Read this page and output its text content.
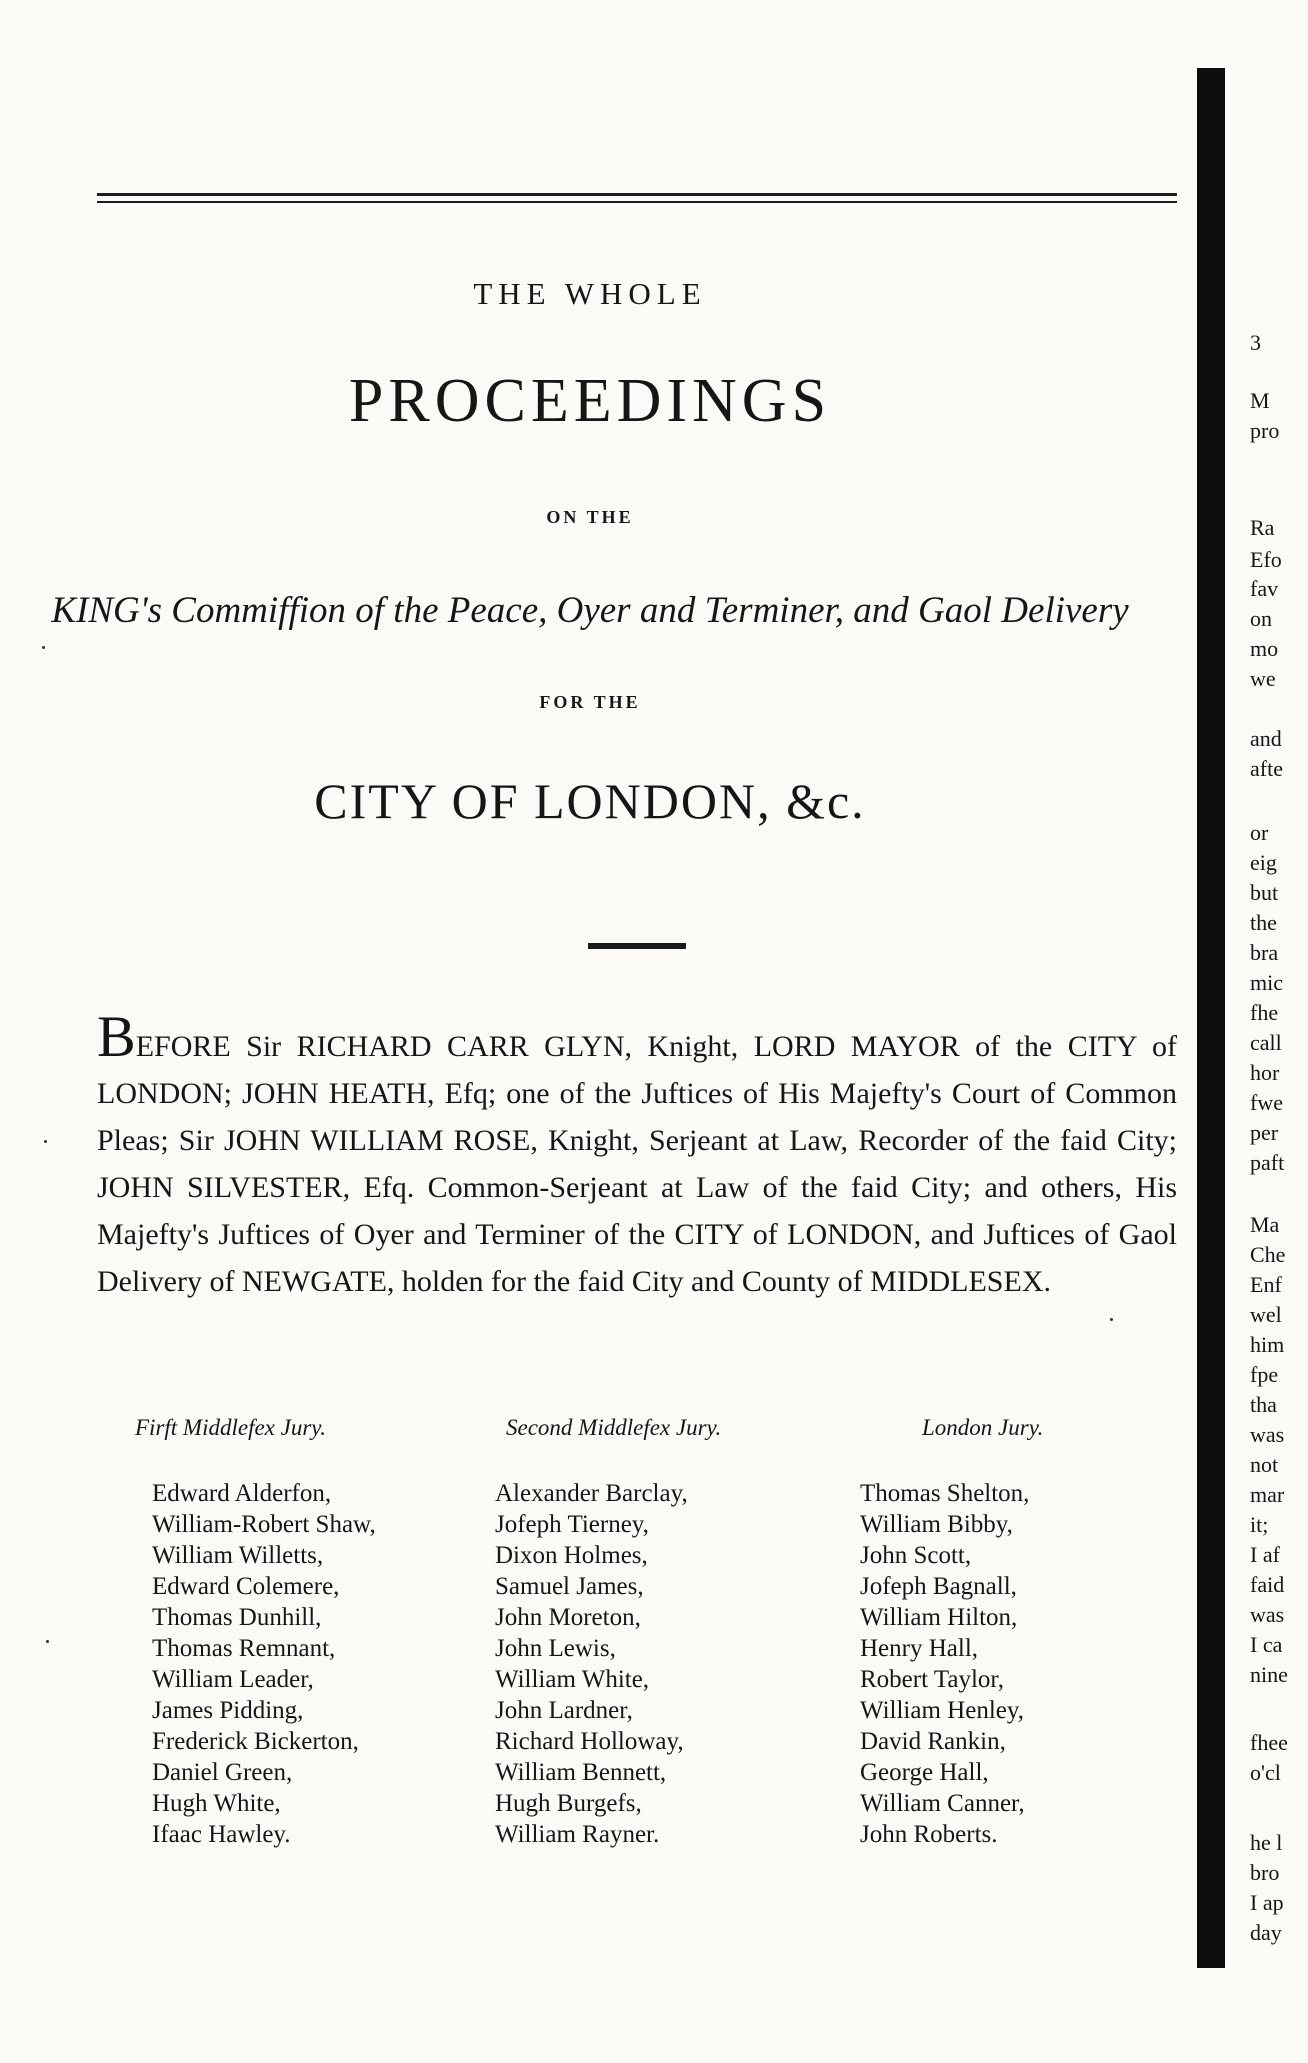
THE WHOLE
PROCEEDINGS
ON THE
KING's Commiffion of the Peace, Oyer and Terminer, and Gaol Delivery
FOR THE
CITY OF LONDON, &c.
BEFORE Sir RICHARD CARR GLYN, Knight, LORD MAYOR of the CITY of LONDON; JOHN HEATH, Efq; one of the Juftices of His Majefty's Court of Common Pleas; Sir JOHN WILLIAM ROSE, Knight, Serjeant at Law, Recorder of the faid City; JOHN SILVESTER, Efq. Common-Serjeant at Law of the faid City; and others, His Majefty's Juftices of Oyer and Terminer of the CITY of LONDON, and Juftices of Gaol Delivery of NEWGATE, holden for the faid City and County of MIDDLESEX.
Firft Middlefex Jury.	Second Middlefex Jury.	London Jury.
Edward Alderfon,
William-Robert Shaw,
William Willetts,
Edward Colemere,
Thomas Dunhill,
Thomas Remnant,
William Leader,
James Pidding,
Frederick Bickerton,
Daniel Green,
Hugh White,
Ifaac Hawley.
Alexander Barclay,
Jofeph Tierney,
Dixon Holmes,
Samuel James,
John Moreton,
John Lewis,
William White,
John Lardner,
Richard Holloway,
William Bennett,
Hugh Burgefs,
William Rayner.
Thomas Shelton,
William Bibby,
John Scott,
Jofeph Bagnall,
William Hilton,
Henry Hall,
Robert Taylor,
William Henley,
David Rankin,
George Hall,
William Canner,
John Roberts.
3
M
pro
Ra
Efo
fav
on
mo
we
and
afte
or
eig
but
the
bra
mic
fhe
call
hor
fwe
per
paft
Ma
Che
Enf
wel
him
fpe
tha
was
not
mar
it;
I af
faid
was
I ca
nine
fhee
o'cl
he l
bro
I ap
day
